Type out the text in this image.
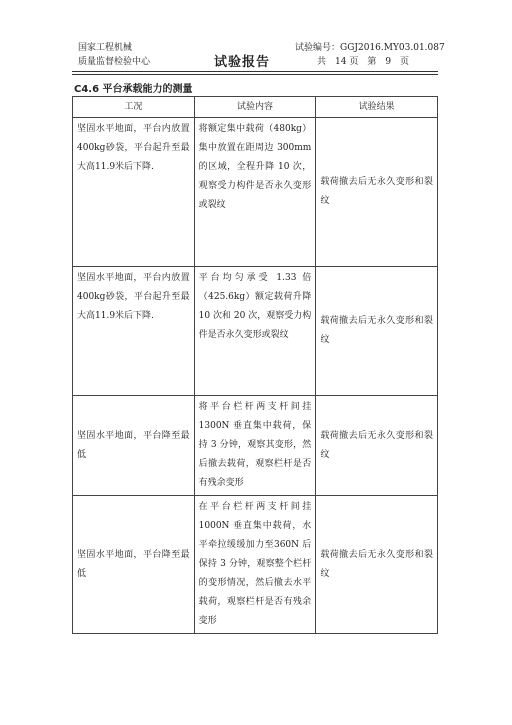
国家工程机械
质量监督检验中心	试验报告
试验编号：GGJ2016.MY03.01.087
共　14 页　第　9　页
C4.6 平台承载能力的测量
工况	试验内容	试验结果
坚固水平地面，平台内放置400kg砂袋，平台起升至最大高11.9米后下降.	将额定集中载荷（480kg）集中放置在距周边 300mm 的区域，全程升降 10 次，观察受力构件是否永久变形或裂纹	载荷撤去后无永久变形和裂纹
坚固水平地面，平台内放置400kg砂袋，平台起升至最大高11.9米后下降.	平台均匀承受 1.33 倍（425.6kg）额定载荷升降 10 次和 20 次，观察受力构件是否永久变形或裂纹	载荷撤去后无永久变形和裂纹
坚固水平地面，平台降至最低	将平台栏杆两支杆间挂 1300N 垂直集中载荷，保持 3 分钟，观察其变形，然后撤去载荷，观察栏杆是否有残余变形	载荷撤去后无永久变形和裂纹
坚固水平地面，平台降至最低	在平台栏杆两支杆间挂 1000N 垂直集中载荷，水平牵拉缓缓加力至360N 后保持 3 分钟，观察整个栏杆的变形情况，然后撤去水平载荷，观察栏杆是否有残余变形	载荷撤去后无永久变形和裂纹
